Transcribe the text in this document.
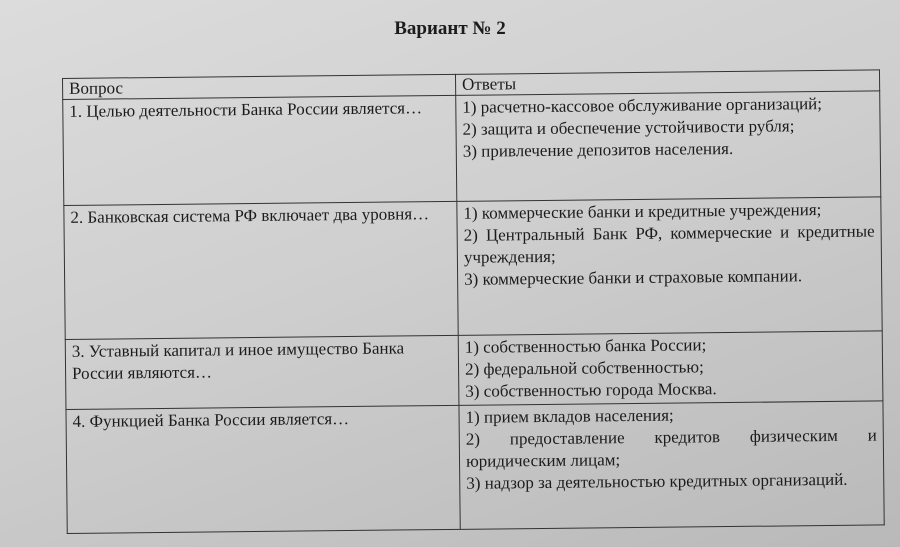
Вариант № 2
Вопрос	Ответы
1. Целью деятельности Банка России является…	1) расчетно-кассовое обслуживание организаций;
2) защита и обеспечение устойчивости рубля;
3) привлечение депозитов населения.

2. Банковская система РФ включает два уровня…	1) коммерческие банки и кредитные учреждения;
2) Центральный Банк РФ, коммерческие и кредитные учреждения;
3) коммерческие банки и страховые компании.

3. Уставный капитал и иное имущество Банка России являются…	1) собственностью банка России;
2) федеральной собственностью;
3) собственностью города Москва.

4. Функцией Банка России является…	1) прием вкладов населения;
2) предоставление кредитов физическим и юридическим лицам;
3) надзор за деятельностью кредитных организаций.
